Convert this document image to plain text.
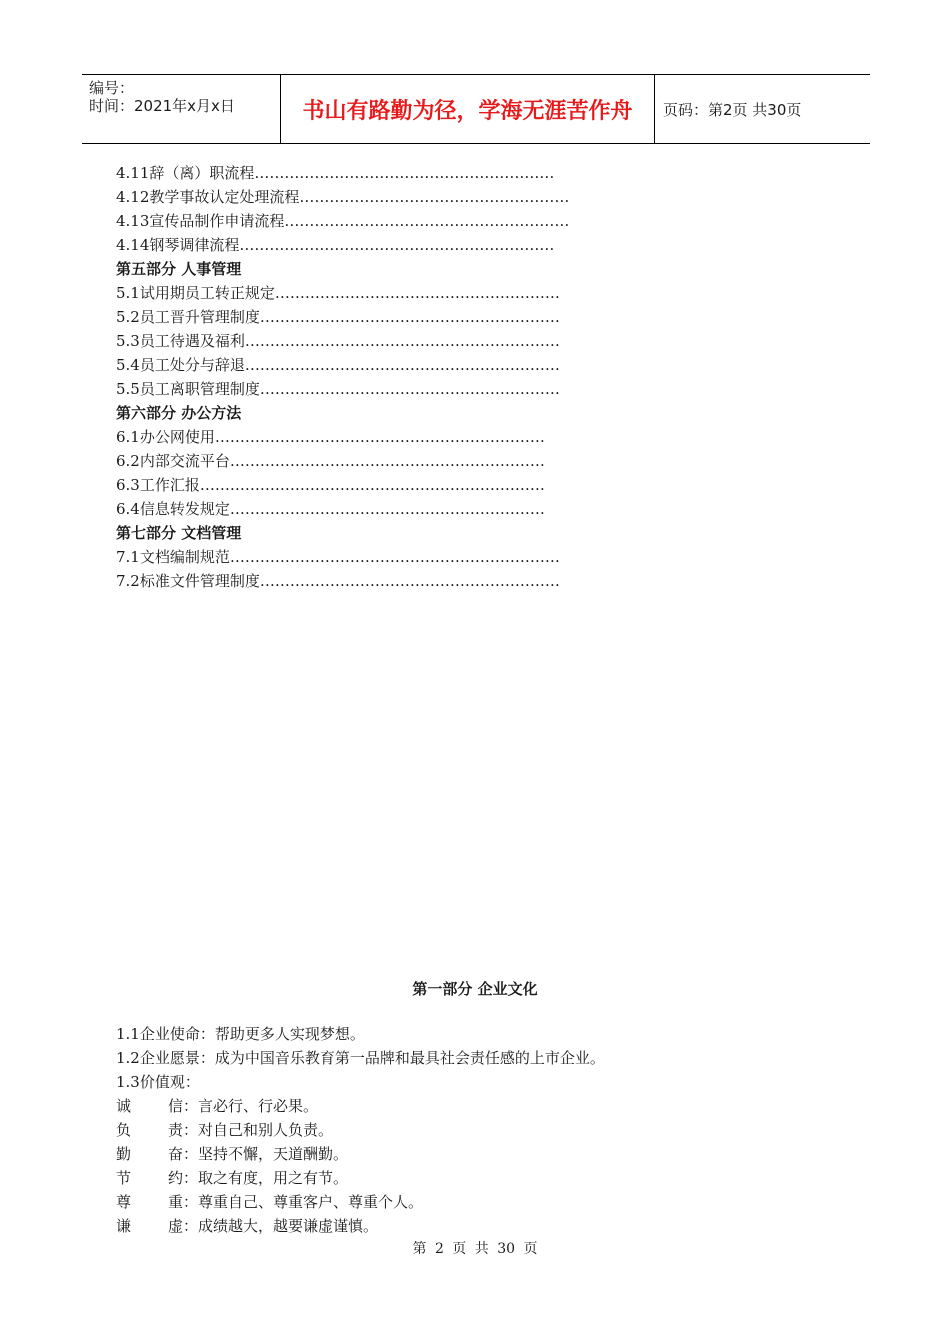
编号：
时间：2021年x月x日	书山有路勤为径，学海无涯苦作舟 页码：第2页 共30页
4.11辞（离）职流程……………………………………………………
4.12教学事故认定处理流程………………………………………………
4.13宣传品制作申请流程…………………………………………………
4.14钢琴调律流程………………………………………………………
第五部分 人事管理
5.1试用期员工转正规定…………………………………………………
5.2员工晋升管理制度……………………………………………………
5.3员工待遇及福利………………………………………………………
5.4员工处分与辞退………………………………………………………
5.5员工离职管理制度……………………………………………………
第六部分 办公方法
6.1办公网使用…………………………………………………………
6.2内部交流平台………………………………………………………
6.3工作汇报……………………………………………………………
6.4信息转发规定………………………………………………………
第七部分 文档管理
7.1文档编制规范…………………………………………………………
7.2标准文件管理制度……………………………………………………
第一部分 企业文化
1.1企业使命：帮助更多人实现梦想。
1.2企业愿景：成为中国音乐教育第一品牌和最具社会责任感的上市企业。
1.3价值观：
诚	信 ：言必行、行必果。
负	责 ：对自己和别人负责。
勤	奋 ：坚持不懈，天道酬勤。
节	约 ：取之有度，用之有节。
尊	重 ：尊重自己、尊重客户、尊重个人。
谦	虚 ：成绩越大，越要谦虚谨慎。
第 2 页 共 30 页
